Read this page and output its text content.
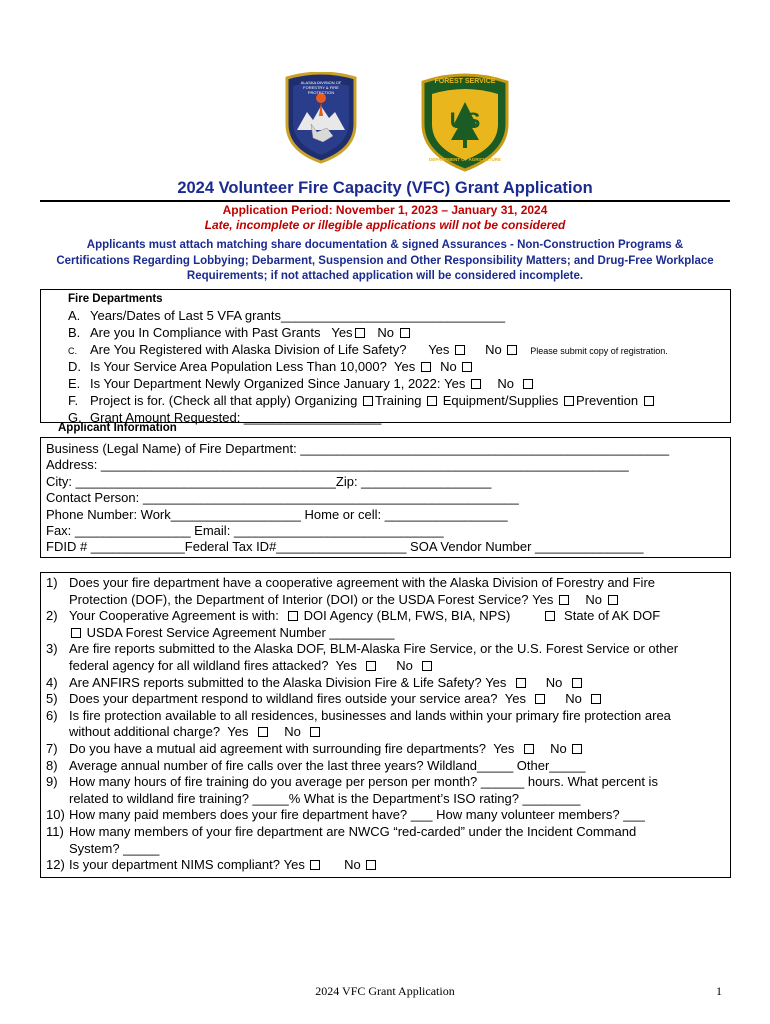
ALASKA DIVISION OF FORESTRY & FIRE PROTECTION
FOREST SERVICE
US
DEPARTMENT OF AGRICULTURE
2024 Volunteer Fire Capacity (VFC) Grant Application
Application Period: November 1, 2023 – January 31, 2024
Late, incomplete or illegible applications will not be considered
Applicants must attach matching share documentation & signed Assurances - Non-Construction Programs & Certifications Regarding Lobbying; Debarment, Suspension and Other Responsibility Matters; and Drug-Free Workplace Requirements; if not attached application will be considered incomplete.
Fire Departments
A. Years/Dates of Last 5 VFA grants_______________________________
B. Are you In Compliance with Past Grants Yes No
C. Are You Registered with Alaska Division of Life Safety? Yes	No	Please submit copy of registration.
D. Is Your Service Area Population Less Than 10,000? Yes No
E. Is Your Department Newly Organized Since January 1, 2022: Yes No
F. Project is for. (Check all that apply) Organizing Training Equipment/Supplies Prevention
G. Grant Amount Requested: ___________________
Applicant Information
Business (Legal Name) of Fire Department: ___________________________________________________
Address: _________________________________________________________________________
City: ____________________________________Zip: __________________
Contact Person: ____________________________________________________
Phone Number: Work__________________ Home or cell: _________________
Fax: ________________ Email: _____________________________
FDID # _____________Federal Tax ID#__________________ SOA Vendor Number _______________
1) Does your fire department have a cooperative agreement with the Alaska Division of Forestry and Fire
Protection (DOF), the Department of Interior (DOI) or the USDA Forest Service? Yes No
2) Your Cooperative Agreement is with: DOI Agency (BLM, FWS, BIA, NPS)	State of AK DOF
USDA Forest Service Agreement Number _________
3) Are fire reports submitted to the Alaska DOF, BLM-Alaska Fire Service, or the U.S. Forest Service or other
federal agency for all wildland fires attacked? Yes	No
4) Are ANFIRS reports submitted to the Alaska Division Fire & Life Safety? Yes	No
5) Does your department respond to wildland fires outside your service area? Yes	No
6) Is fire protection available to all residences, businesses and lands within your primary fire protection area
without additional charge? Yes	No
7) Do you have a mutual aid agreement with surrounding fire departments? Yes	No
8) Average annual number of fire calls over the last three years? Wildland_____ Other_____
9) How many hours of fire training do you average per person per month? ______ hours. What percent is
related to wildland fire training? _____% What is the Department’s ISO rating? ________
10) How many paid members does your fire department have? ___ How many volunteer members? ___
11) How many members of your fire department are NWCG “red-carded” under the Incident Command
System? _____
12) Is your department NIMS compliant? Yes	No
2024 VFC Grant Application	1
